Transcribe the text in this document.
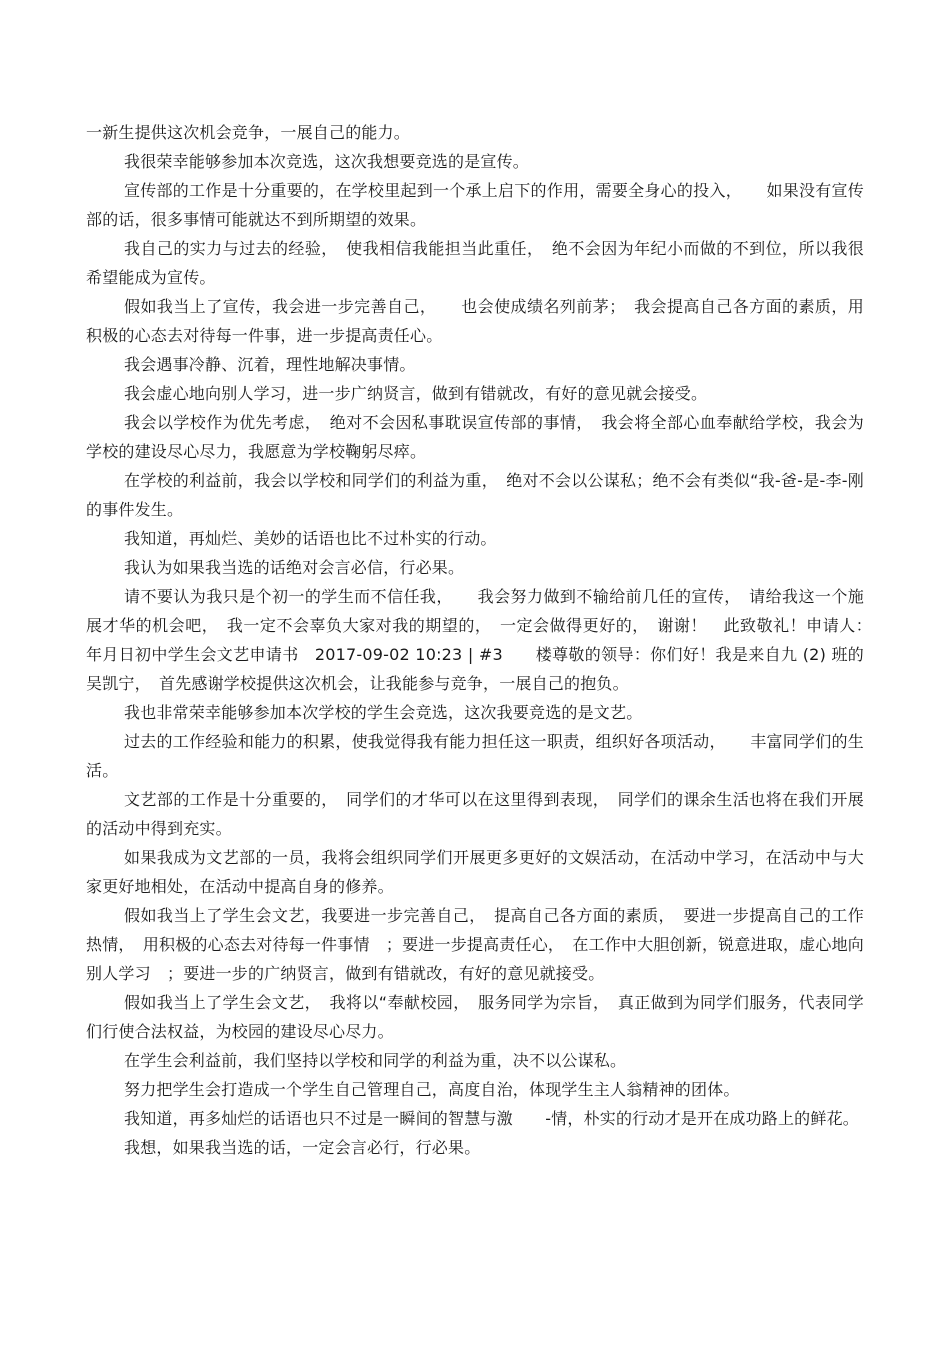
一新生提供这次机会竞争，一展自己的能力。

我很荣幸能够参加本次竞选，这次我想要竞选的是宣传。

宣传部的工作是十分重要的，在学校里起到一个承上启下的作用，需要全身心的投入，　　如果没有宣传部的话，很多事情可能就达不到所期望的效果。

我自己的实力与过去的经验，　使我相信我能担当此重任，　绝不会因为年纪小而做的不到位，所以我很希望能成为宣传。

假如我当上了宣传，我会进一步完善自己，　　也会使成绩名列前茅；　我会提高自己各方面的素质，用积极的心态去对待每一件事，进一步提高责任心。

我会遇事冷静、沉着，理性地解决事情。

我会虚心地向别人学习，进一步广纳贤言，做到有错就改，有好的意见就会接受。

我会以学校作为优先考虑，　绝对不会因私事耽误宣传部的事情，　我会将全部心血奉献给学校，我会为学校的建设尽心尽力，我愿意为学校鞠躬尽瘁。

在学校的利益前，我会以学校和同学们的利益为重，　绝对不会以公谋私；绝不会有类似“我-爸-是-李-刚的事件发生。

我知道，再灿烂、美妙的话语也比不过朴实的行动。

我认为如果我当选的话绝对会言必信，行必果。

请不要认为我只是个初一的学生而不信任我，　　我会努力做到不输给前几任的宣传，　请给我这一个施展才华的机会吧，　我一定不会辜负大家对我的期望的，　一定会做得更好的，　谢谢！　此致敬礼！申请人：　年月日初中学生会文艺申请书　2017-09-02 10:23 | #3　　楼尊敬的领导：你们好！我是来自九 (2) 班的吴凯宁，　首先感谢学校提供这次机会，让我能参与竞争，一展自己的抱负。

我也非常荣幸能够参加本次学校的学生会竞选，这次我要竞选的是文艺。

过去的工作经验和能力的积累，使我觉得我有能力担任这一职责，组织好各项活动，　　丰富同学们的生活。

文艺部的工作是十分重要的，　同学们的才华可以在这里得到表现，　同学们的课余生活也将在我们开展的活动中得到充实。

如果我成为文艺部的一员，我将会组织同学们开展更多更好的文娱活动，在活动中学习，在活动中与大家更好地相处，在活动中提高自身的修养。

假如我当上了学生会文艺，我要进一步完善自己，　提高自己各方面的素质，　要进一步提高自己的工作热情，　用积极的心态去对待每一件事情　；要进一步提高责任心，　在工作中大胆创新，锐意进取，虚心地向别人学习　；要进一步的广纳贤言，做到有错就改，有好的意见就接受。

假如我当上了学生会文艺，　我将以“奉献校园，　服务同学为宗旨，　真正做到为同学们服务，代表同学们行使合法权益，为校园的建设尽心尽力。

在学生会利益前，我们坚持以学校和同学的利益为重，决不以公谋私。

努力把学生会打造成一个学生自己管理自己，高度自治，体现学生主人翁精神的团体。

我知道，再多灿烂的话语也只不过是一瞬间的智慧与激　　-情，朴实的行动才是开在成功路上的鲜花。

我想，如果我当选的话，一定会言必行，行必果。
